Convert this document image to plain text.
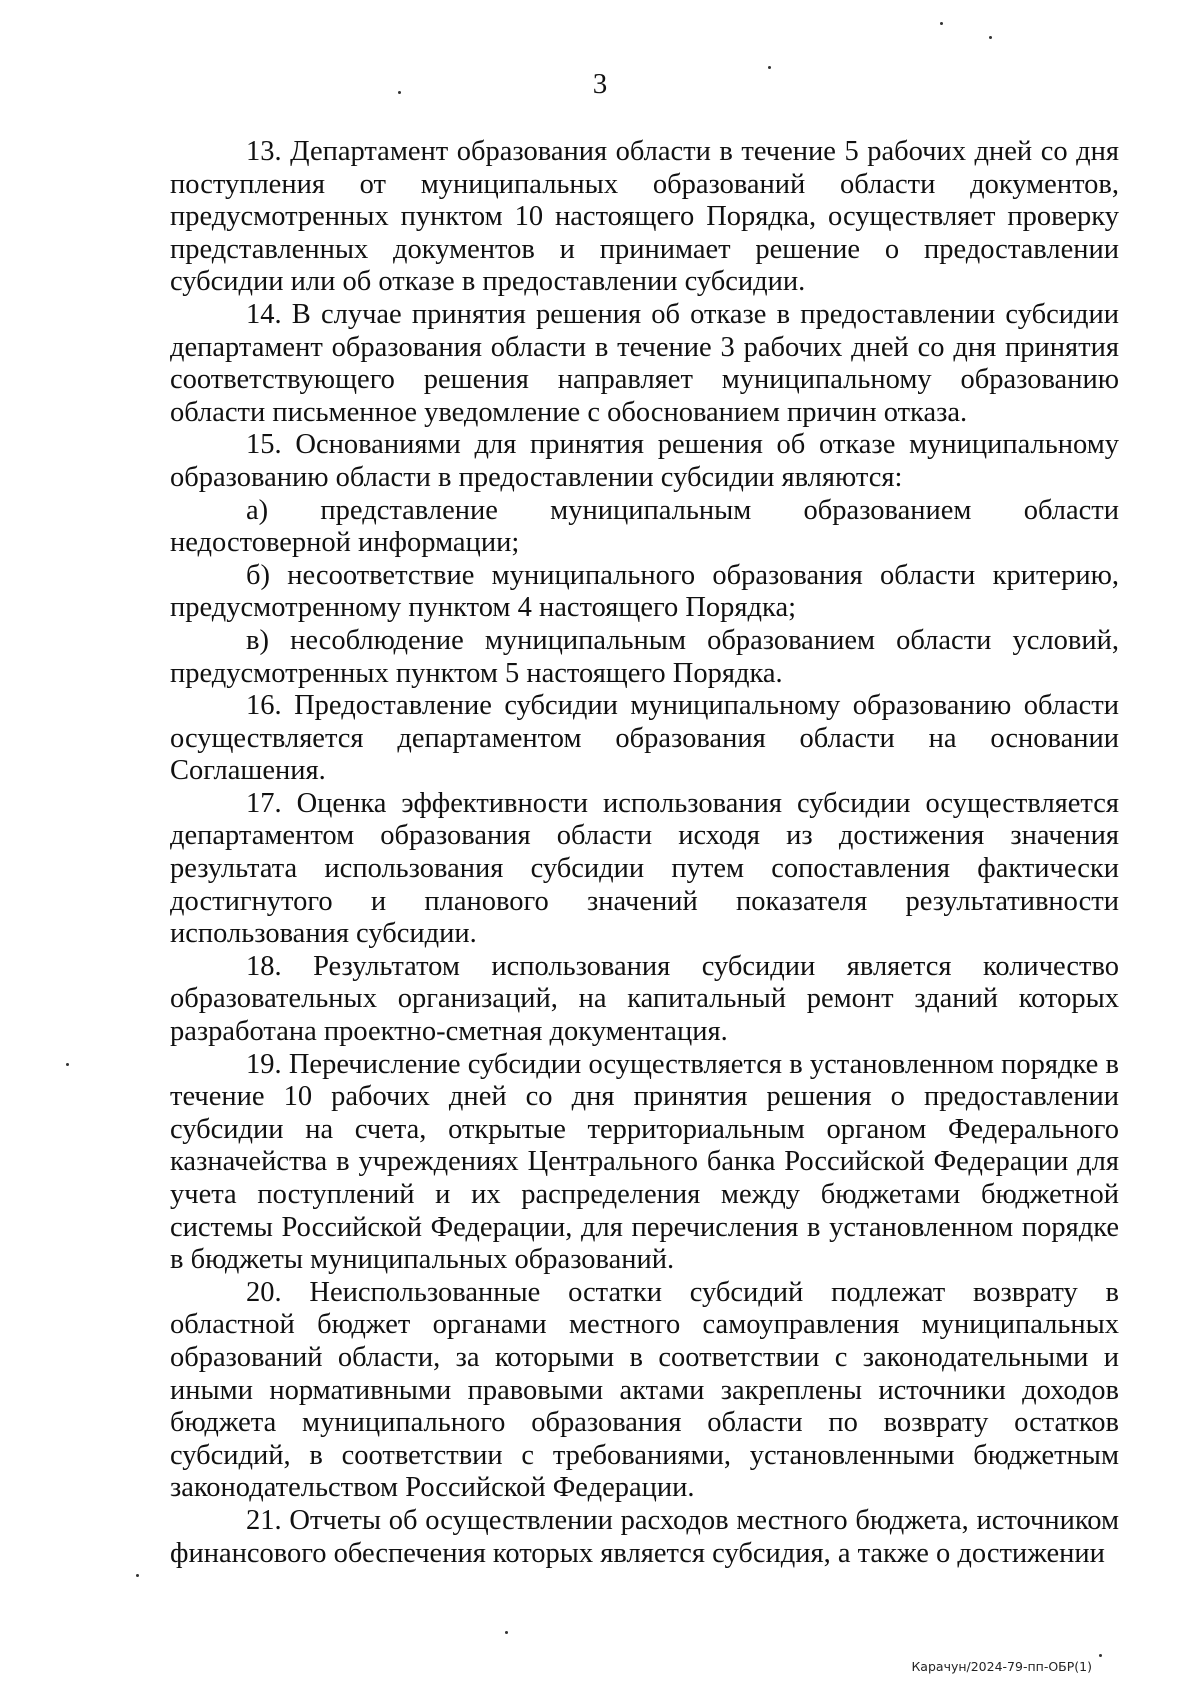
3

13. Департамент образования области в течение 5 рабочих дней со дня поступления от муниципальных образований области документов, предусмотренных пунктом 10 настоящего Порядка, осуществляет проверку представленных документов и принимает решение о предоставлении субсидии или об отказе в предоставлении субсидии.

14. В случае принятия решения об отказе в предоставлении субсидии департамент образования области в течение 3 рабочих дней со дня принятия соответствующего решения направляет муниципальному образованию области письменное уведомление с обоснованием причин отказа.

15. Основаниями для принятия решения об отказе муниципальному образованию области в предоставлении субсидии являются:

а) представление муниципальным образованием области недостоверной информации;

б) несоответствие муниципального образования области критерию, предусмотренному пунктом 4 настоящего Порядка;

в) несоблюдение муниципальным образованием области условий, предусмотренных пунктом 5 настоящего Порядка.

16. Предоставление субсидии муниципальному образованию области осуществляется департаментом образования области на основании Соглашения.

17. Оценка эффективности использования субсидии осуществляется департаментом образования области исходя из достижения значения результата использования субсидии путем сопоставления фактически достигнутого и планового значений показателя результативности использования субсидии.

18. Результатом использования субсидии является количество образовательных организаций, на капитальный ремонт зданий которых разработана проектно-сметная документация.

19. Перечисление субсидии осуществляется в установленном порядке в течение 10 рабочих дней со дня принятия решения о предоставлении субсидии на счета, открытые территориальным органом Федерального казначейства в учреждениях Центрального банка Российской Федерации для учета поступлений и их распределения между бюджетами бюджетной системы Российской Федерации, для перечисления в установленном порядке в бюджеты муниципальных образований.

20. Неиспользованные остатки субсидий подлежат возврату в областной бюджет органами местного самоуправления муниципальных образований области, за которыми в соответствии с законодательными и иными нормативными правовыми актами закреплены источники доходов бюджета муниципального образования области по возврату остатков субсидий, в соответствии с требованиями, установленными бюджетным законодательством Российской Федерации.

21. Отчеты об осуществлении расходов местного бюджета, источником финансового обеспечения которых является субсидия, а также о достижении

Карачун/2024-79-пп-ОБР(1)
